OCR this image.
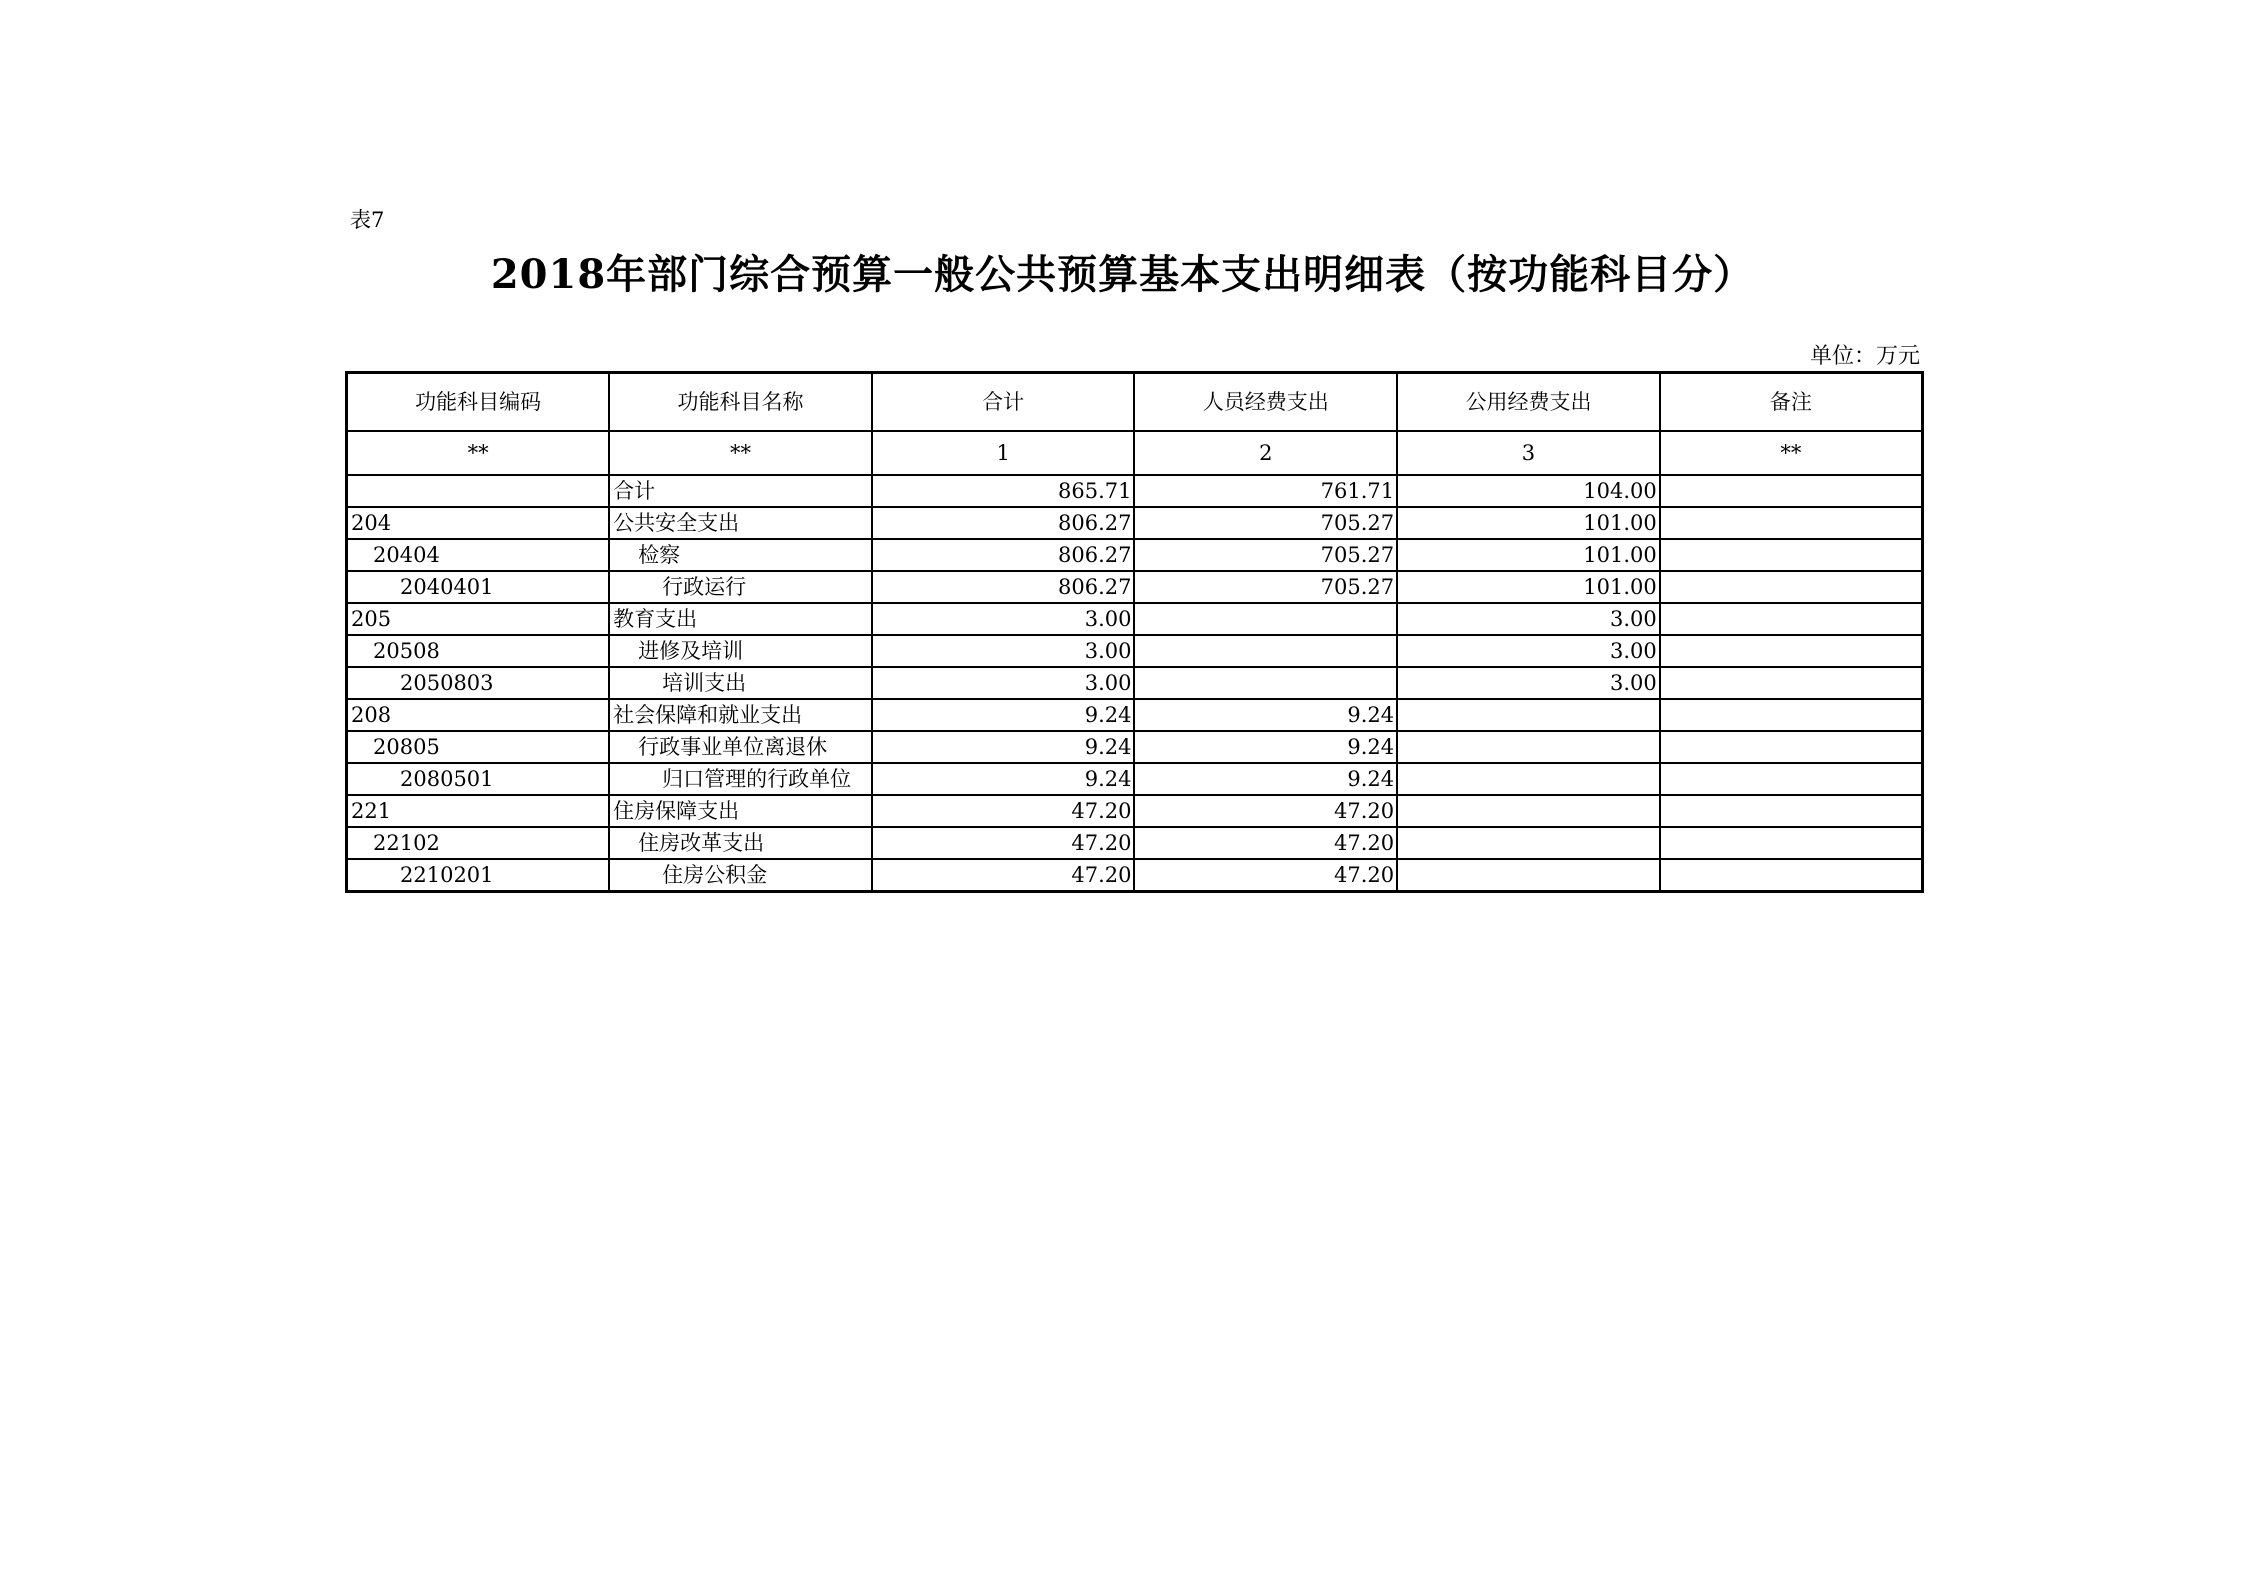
表7
2018年部门综合预算一般公共预算基本支出明细表（按功能科目分）
单位：万元
功能科目编码	功能科目名称	合计	人员经费支出	公用经费支出	备注
**	**	1	2	3	**
	合计	865.71	761.71	104.00	
204	公共安全支出	806.27	705.27	101.00	
20404	检察	806.27	705.27	101.00	
2040401	行政运行	806.27	705.27	101.00	
205	教育支出	3.00		3.00	
20508	进修及培训	3.00		3.00	
2050803	培训支出	3.00		3.00	
208	社会保障和就业支出	9.24	9.24		
20805	行政事业单位离退休	9.24	9.24		
2080501	归口管理的行政单位	9.24	9.24		
221	住房保障支出	47.20	47.20		
22102	住房改革支出	47.20	47.20		
2210201	住房公积金	47.20	47.20		
